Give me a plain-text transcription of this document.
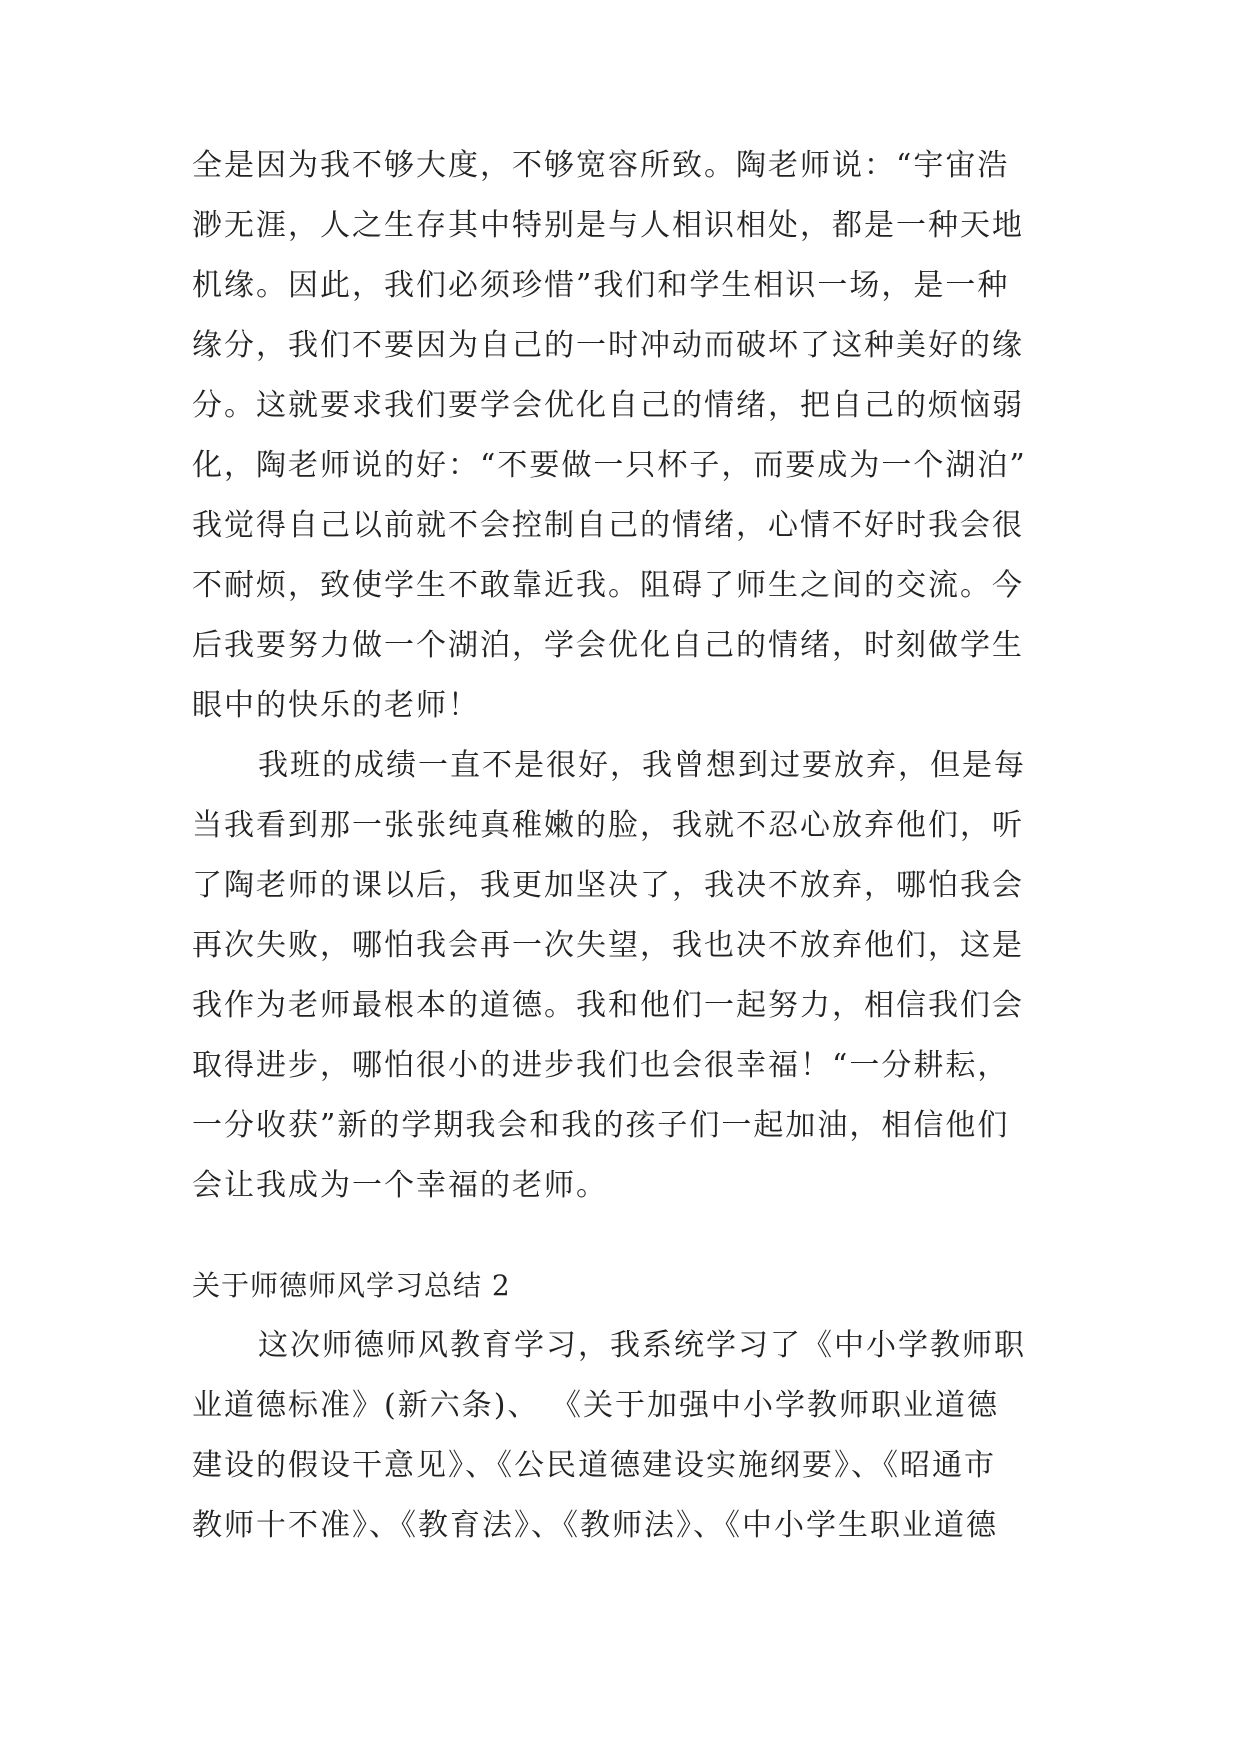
全是因为我不够大度，不够宽容所致。陶老师说：“宇宙浩
渺无涯，人之生存其中特别是与人相识相处，都是一种天地
机缘。因此，我们必须珍惜”我们和学生相识一场，是一种
缘分，我们不要因为自己的一时冲动而破坏了这种美好的缘
分。这就要求我们要学会优化自己的情绪，把自己的烦恼弱
化，陶老师说的好：“不要做一只杯子，而要成为一个湖泊”
我觉得自己以前就不会控制自己的情绪，心情不好时我会很
不耐烦，致使学生不敢靠近我。阻碍了师生之间的交流。今
后我要努力做一个湖泊，学会优化自己的情绪，时刻做学生
眼中的快乐的老师！
我班的成绩一直不是很好，我曾想到过要放弃，但是每
当我看到那一张张纯真稚嫩的脸，我就不忍心放弃他们，听
了陶老师的课以后，我更加坚决了，我决不放弃，哪怕我会
再次失败，哪怕我会再一次失望，我也决不放弃他们，这是
我作为老师最根本的道德。我和他们一起努力，相信我们会
取得进步，哪怕很小的进步我们也会很幸福！“一分耕耘，
一分收获”新的学期我会和我的孩子们一起加油，相信他们
会让我成为一个幸福的老师。
关于师德师风学习总结 2
这次师德师风教育学习，我系统学习了《中小学教师职
业道德标准》(新六条)、 《关于加强中小学教师职业道德
建设的假设干意见》、《公民道德建设实施纲要》、《昭通市
教师十不准》、《教育法》、《教师法》、《中小学生职业道德
